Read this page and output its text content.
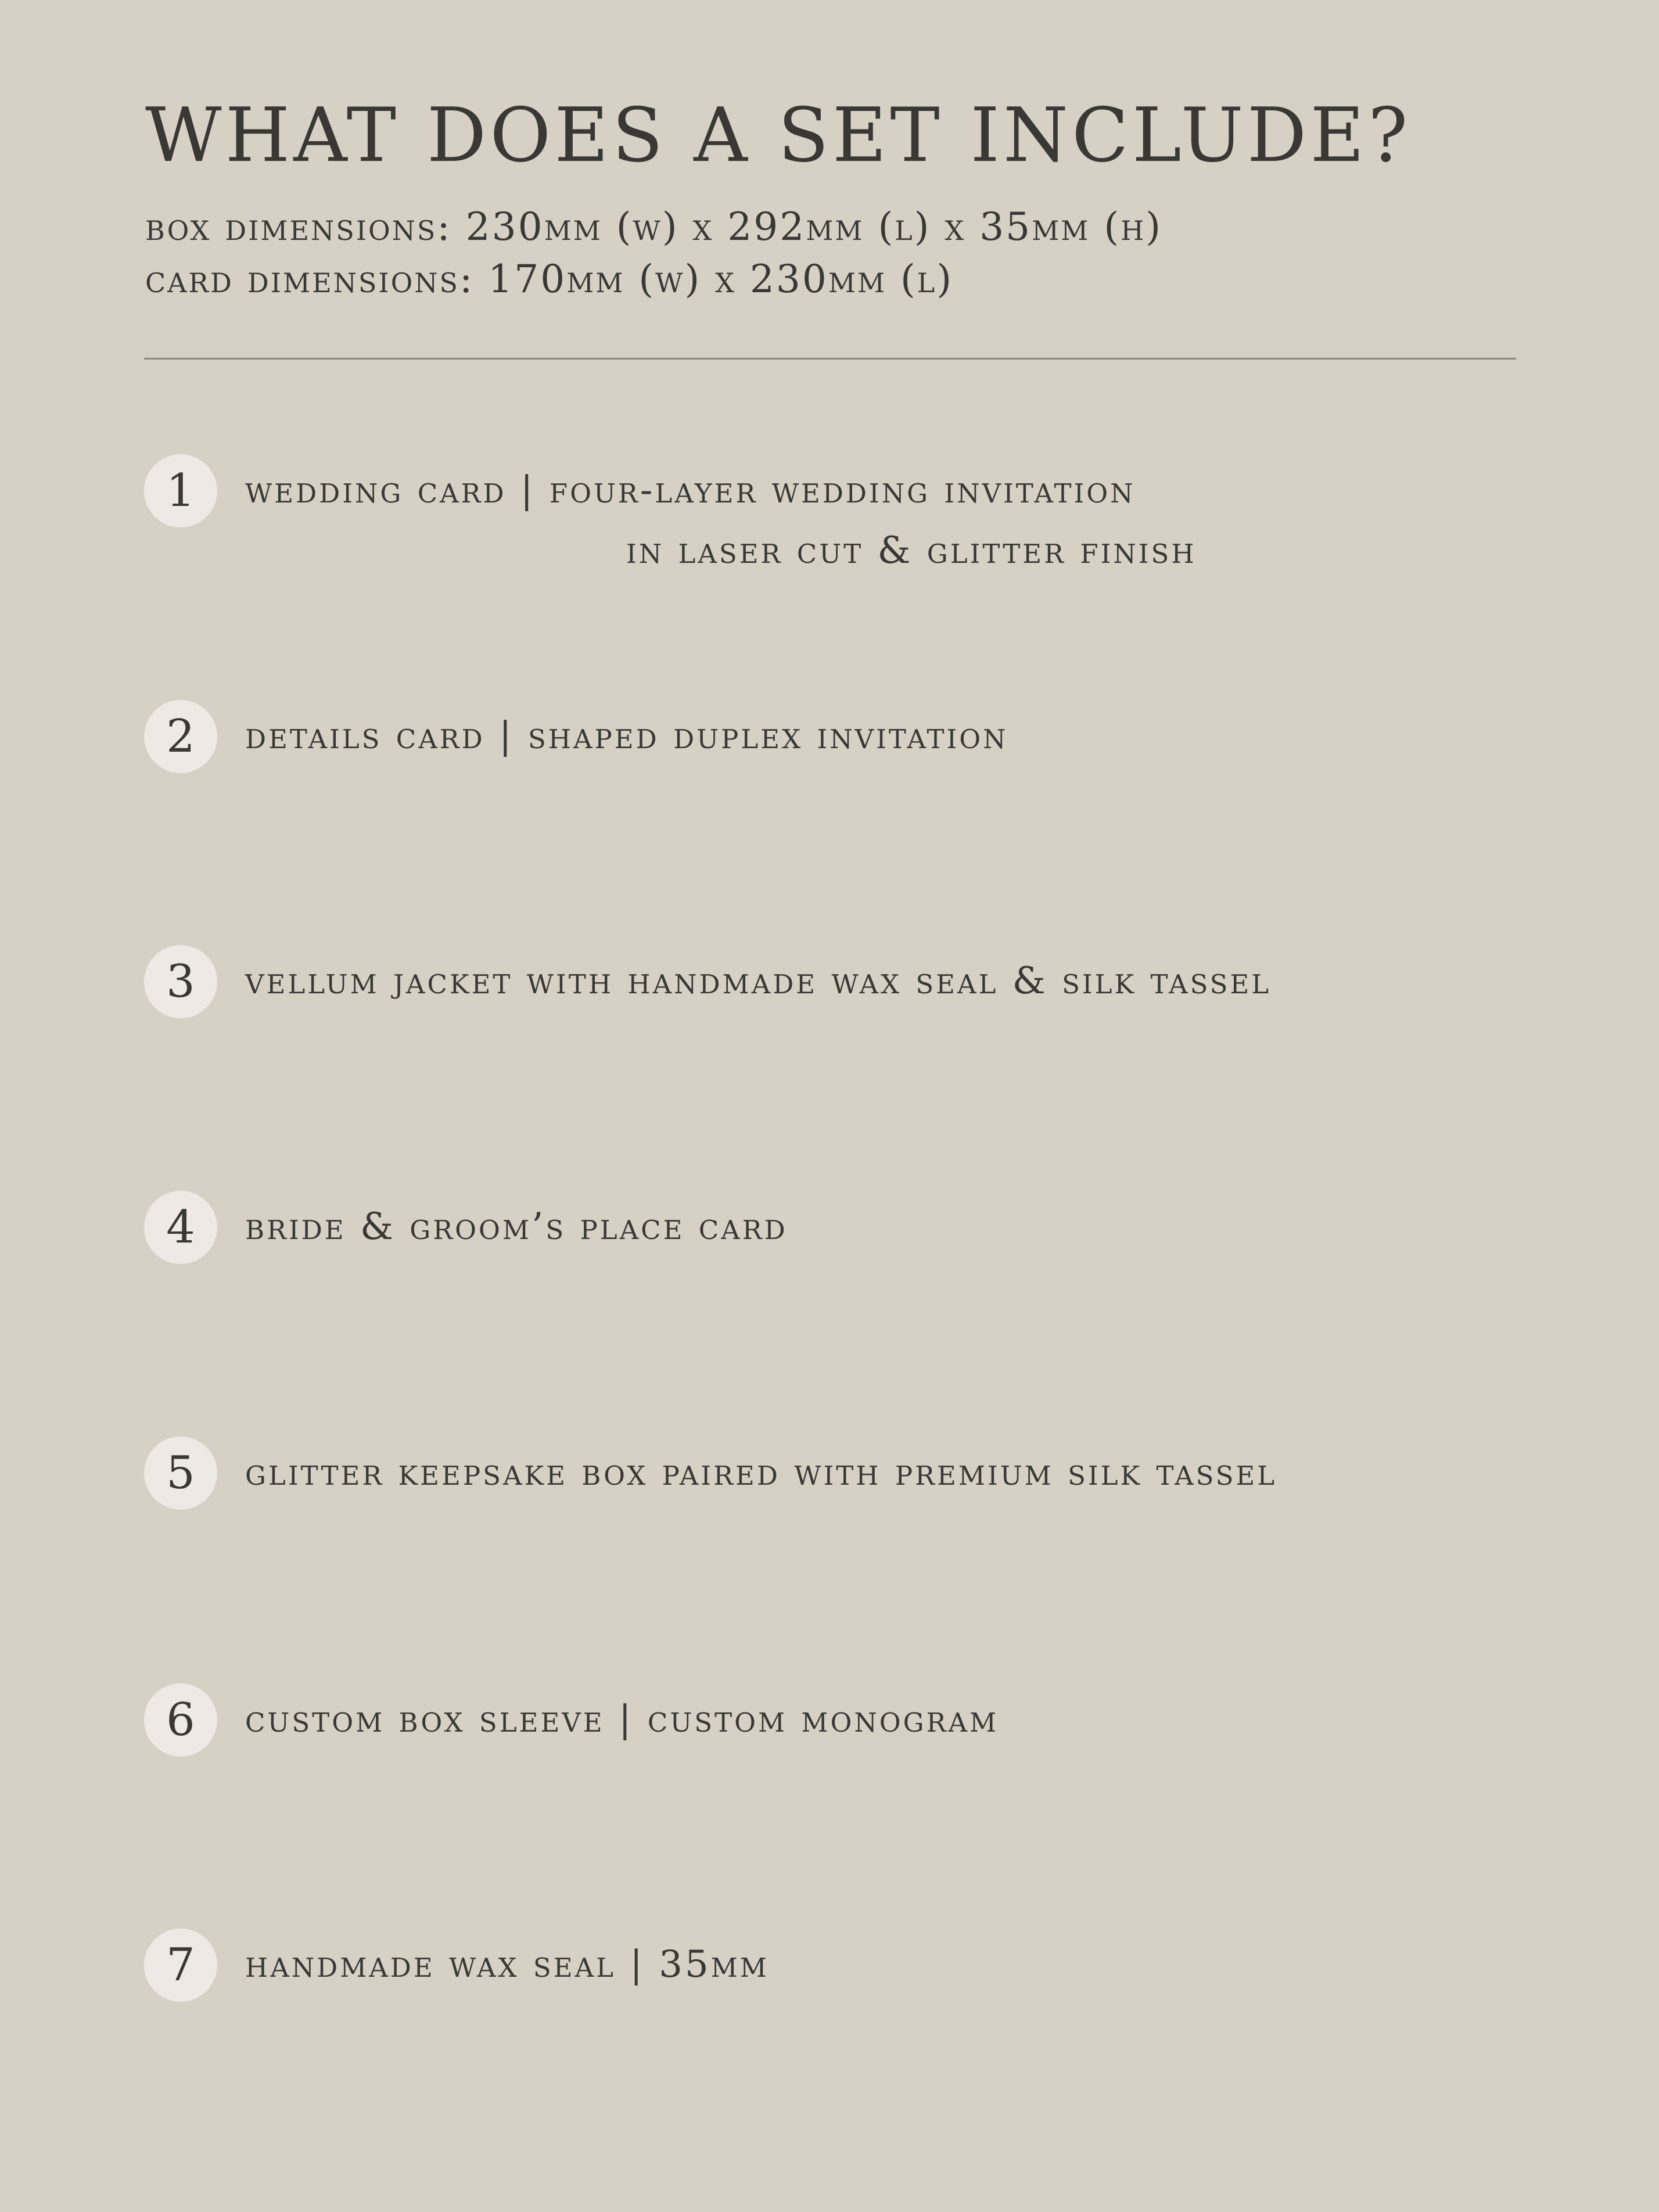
WHAT DOES A SET INCLUDE?
box dimensions: 230mm (w) x 292mm (l) x 35mm (h)
card dimensions: 170mm (w) x 230mm (l)
1	wedding card | four-layer wedding invitation
in laser cut & glitter finish
2	details card | shaped duplex invitation
3	vellum jacket with handmade wax seal & silk tassel
4	bride & groom’s place card
5	glitter keepsake box paired with premium silk tassel
6	custom box sleeve | custom monogram
7	handmade wax seal | 35mm
